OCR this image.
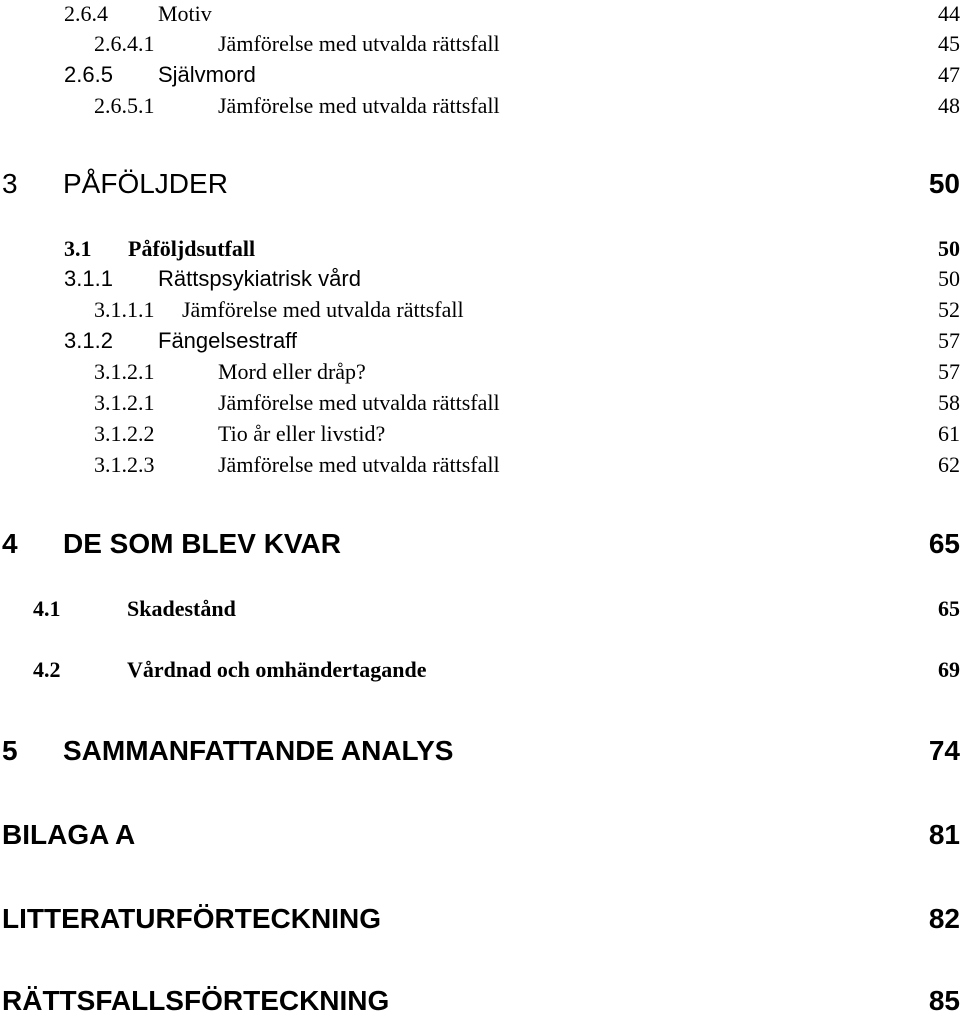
2.6.4 Motiv	44
2.6.4.1	Jämförelse med utvalda rättsfall	45
2.6.5 Självmord	47
2.6.5.1	Jämförelse med utvalda rättsfall	48
3 PÅFÖLJDER	50
3.1 Påföljdsutfall	50
3.1.1 Rättspsykiatrisk vård	50
3.1.1.1 Jämförelse med utvalda rättsfall	52
3.1.2 Fängelsestraff	57
3.1.2.1	Mord eller dråp?	57
3.1.2.1	Jämförelse med utvalda rättsfall	58
3.1.2.2	Tio år eller livstid?	61
3.1.2.3	Jämförelse med utvalda rättsfall	62
4 DE SOM BLEV KVAR	65
4.1	Skadestånd	65
4.2	Vårdnad och omhändertagande	69
5 SAMMANFATTANDE ANALYS	74
BILAGA A	81
LITTERATURFÖRTECKNING	82
RÄTTSFALLSFÖRTECKNING	85
